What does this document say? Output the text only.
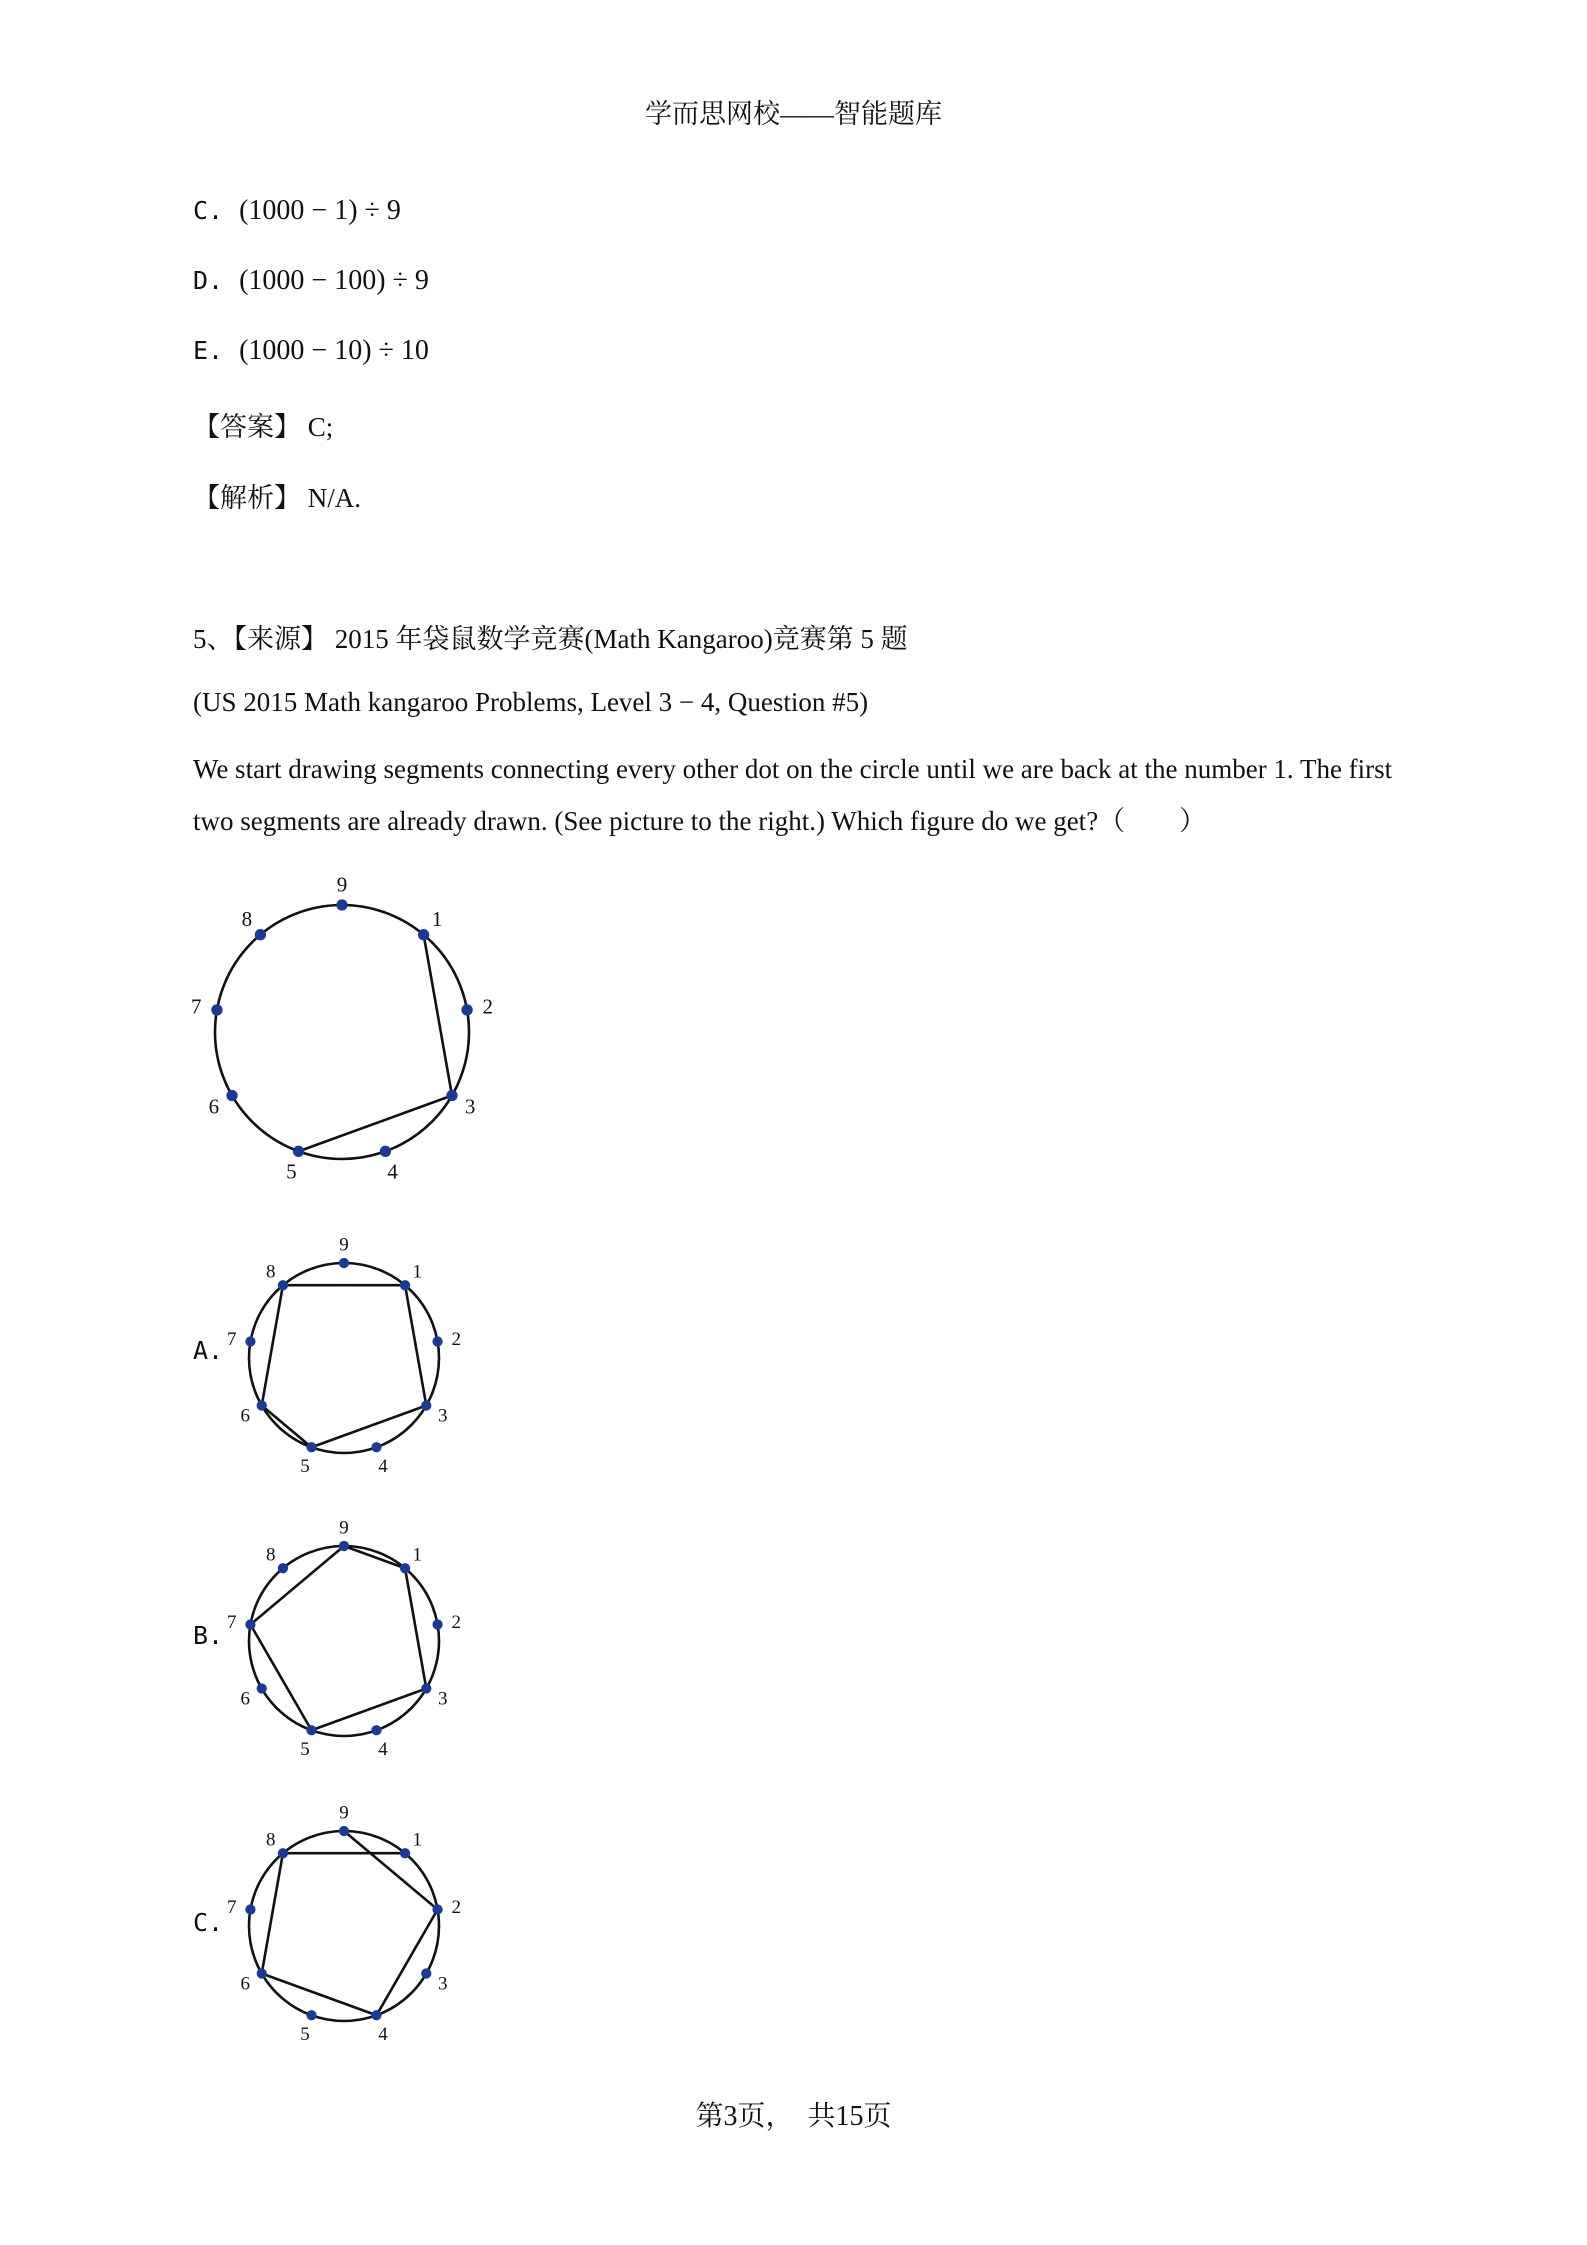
学而思网校——智能题库
C. (1000 − 1) ÷ 9
D. (1000 − 100) ÷ 9
E. (1000 − 10) ÷ 10
【答案】 C;
【解析】 N/A.
5、【来源】 2015 年袋鼠数学竞赛(Math Kangaroo)竞赛第 5 题
(US 2015 Math kangaroo Problems, Level 3 − 4, Question #5)
We start drawing segments connecting every other dot on the circle until we are back at the number 1. The first two segments are already drawn. (See picture to the right.) Which figure do we get?（　　）
1
2
3
4
5
6
7
8
9
A.
1
2
3
4
5
6
7
8
9
B.
1
2
3
4
5
6
7
8
9
C.
1
2
3
4
5
6
7
8
9
第3页，　共15页
